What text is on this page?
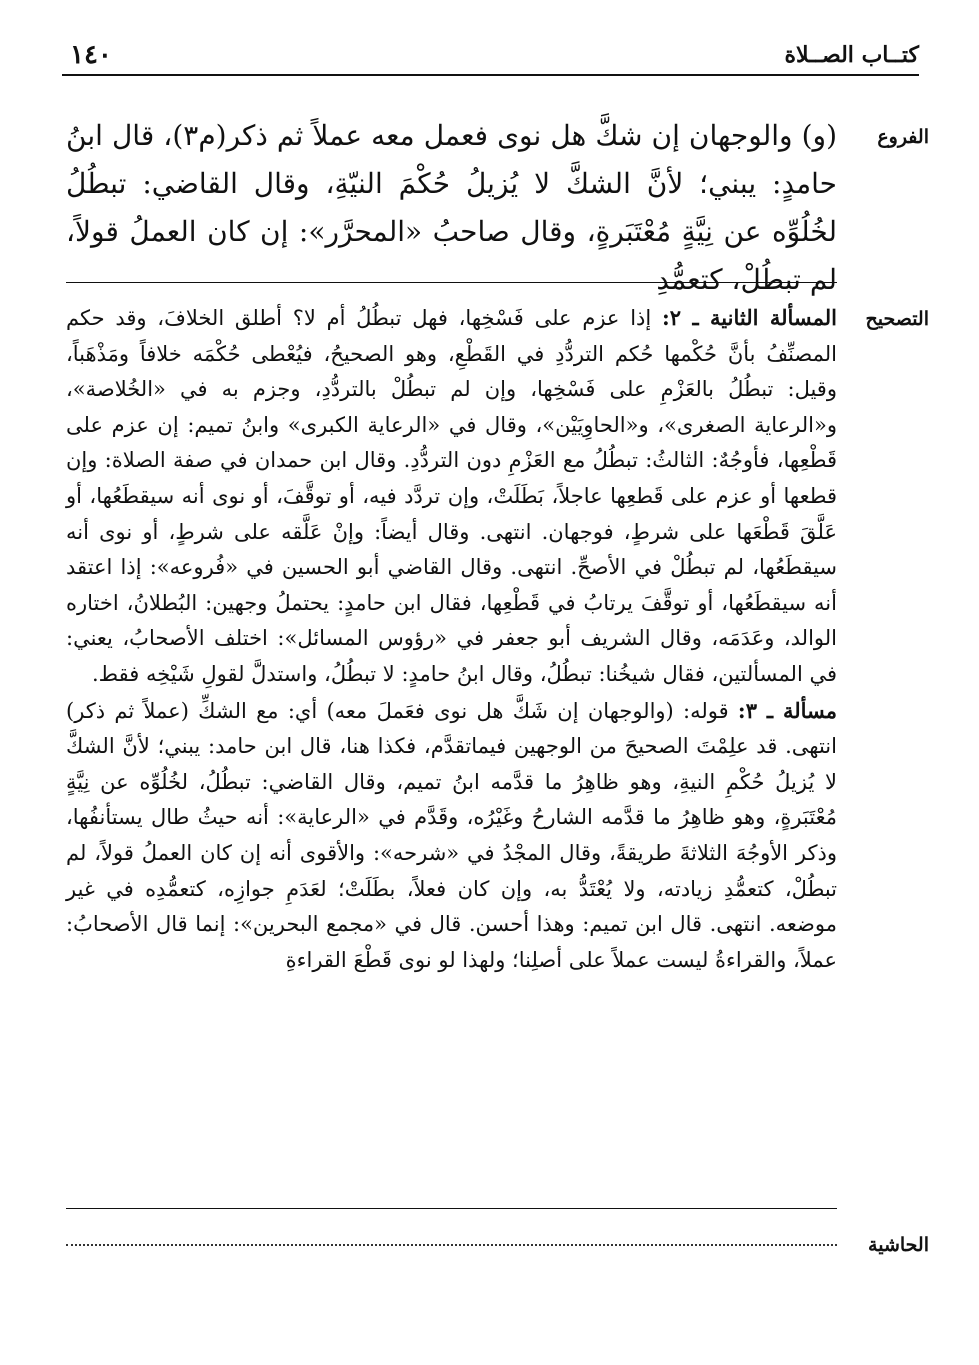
١٤٠	كتــاب الصــلاة
الفروع

(و) والوجهان إن شكَّ هل نوى فعمل معه عملاً ثم ذكر(م٣)، قال ابنُ حامدٍ: يبني؛ لأنَّ الشكَّ لا يُزيلُ حُكْمَ النيّةِ، وقال القاضي: تبطُلُ لخُلُوِّه عن نِيَّةٍ مُعْتَبَرةٍ، وقال صاحبُ «المحرَّر»: إن كان العملُ قولاً، لم تبطُلْ، كتعمُّدِ

التصحيح

المسألة الثانية ـ ٢: إذا عزم على فَسْخِها، فهل تبطُلُ أم لا؟ أطلق الخلافَ، وقد حكم المصنِّفُ بأنَّ حُكْمها حُكم التردُّدِ في القَطْعِ، وهو الصحيحُ، فيُعْطى حُكْمَه خلافاً ومَذْهَباً، وقيل: تبطُلُ بالعَزْمِ على فَسْخِها، وإن لم تبطُلْ بالتردُّدِ، وجزم به في «الخُلاصة»، و«الرعاية الصغرى»، و«الحاوِيَيْن»، وقال في «الرعاية الكبرى» وابنُ تميم: إن عزم على قَطْعِها، فأوجُهٌ: الثالثُ: تبطُلُ مع العَزْمِ دون التردُّدِ. وقال ابن حمدان في صفة الصلاة: وإن قطعها أو عزم على قَطعِها عاجلاً، بَطَلَتْ، وإن تردَّد فيه، أو توقَّفَ، أو نوى أنه سيقطَعُها، أو عَلَّقَ قَطْعَها على شرطٍ، فوجهان. انتهى. وقال أيضاً: وإنْ عَلَّقه على شرطٍ، أو نوى أنه سيقطَعُها، لم تبطُلْ في الأصحِّ. انتهى. وقال القاضي أبو الحسين في «فُروعه»: إذا اعتقد أنه سيقطَعُها، أو توقَّفَ يرتابُ في قَطْعِها، فقال ابن حامدٍ: يحتملُ وجهين: البُطلانُ، اختاره الوالد، وعَدَمَه، وقال الشريف أبو جعفر في «رؤوس المسائل»: اختلف الأصحابُ، يعني: في المسألتين، فقال شيخُنا: تبطُلُ، وقال ابنُ حامدٍ: لا تبطُلُ، واستدلَّ لقولِ شَيْخِه فقط.

مسألة ـ ٣: قوله: (والوجهان إن شَكَّ هل نوى فعَملَ معه) أي: مع الشكِّ (عملاً ثم ذكر) انتهى. قد علِمْتَ الصحيحَ من الوجهين فيماتقدَّم، فكذا هنا، قال ابن حامد: يبني؛ لأنَّ الشكَّ لا يُزيلُ حُكْمِ النيةِ، وهو ظاهِرُ ما قدَّمه ابنُ تميم، وقال القاضي: تبطُلُ، لخُلُوِّه عن نِيَّةٍ مُعْتَبَرةٍ، وهو ظاهِرُ ما قدَّمه الشارحُ وغَيْرُه، وقَدَّم في «الرعاية»: أنه حيثُ طال يستأنفُها، وذكر الأوجُهَ الثلاثةَ طريقةً، وقال المجْدُ في «شرحه»: والأقوى أنه إن كان العملُ قولاً، لم تبطُلْ، كتعمُّدِ زيادته، ولا يُعْتَدُّ به، وإن كان فعلاً، بطَلَتْ؛ لعَدَمِ جوازِه، كتعمُّدِه في غير موضعه. انتهى. قال ابن تميم: وهذا أحسن. قال في «مجمع البحرين»: إنما قال الأصحابُ: عملاً، والقراءةُ ليست عملاً على أصلِنا؛ ولهذا لو نوى قَطْعَ القراءةِ

الحاشية
